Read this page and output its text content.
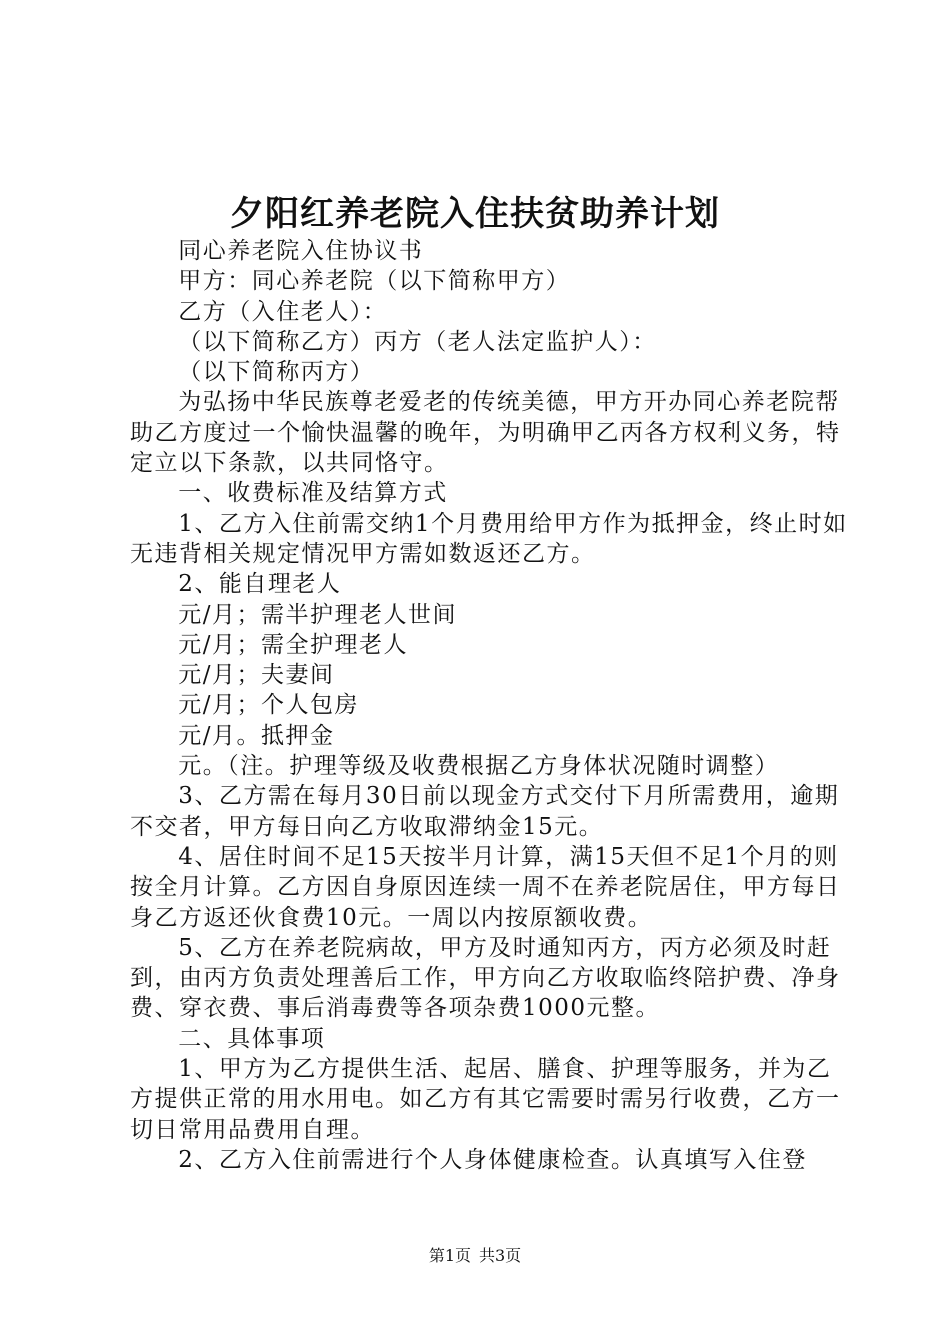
夕阳红养老院入住扶贫助养计划

同心养老院入住协议书

甲方：同心养老院（以下简称甲方）

乙方（入住老人）：

（以下简称乙方）丙方（老人法定监护人）：

（以下简称丙方）

为弘扬中华民族尊老爱老的传统美德，甲方开办同心养老院帮助乙方度过一个愉快温馨的晚年，为明确甲乙丙各方权利义务，特定立以下条款，以共同恪守。

一、收费标准及结算方式

1、乙方入住前需交纳1个月费用给甲方作为抵押金，终止时如无违背相关规定情况甲方需如数返还乙方。

2、能自理老人

元/月；需半护理老人世间

元/月；需全护理老人

元/月；夫妻间

元/月；个人包房

元/月。抵押金

元。（注。护理等级及收费根据乙方身体状况随时调整）

3、乙方需在每月30日前以现金方式交付下月所需费用，逾期不交者，甲方每日向乙方收取滞纳金15元。

4、居住时间不足15天按半月计算，满15天但不足1个月的则按全月计算。乙方因自身原因连续一周不在养老院居住，甲方每日身乙方返还伙食费10元。一周以内按原额收费。

5、乙方在养老院病故，甲方及时通知丙方，丙方必须及时赶到，由丙方负责处理善后工作，甲方向乙方收取临终陪护费、净身费、穿衣费、事后消毒费等各项杂费1000元整。

二、具体事项

1、甲方为乙方提供生活、起居、膳食、护理等服务，并为乙方提供正常的用水用电。如乙方有其它需要时需另行收费，乙方一切日常用品费用自理。

2、乙方入住前需进行个人身体健康检查。认真填写入住登

第1页 共3页
